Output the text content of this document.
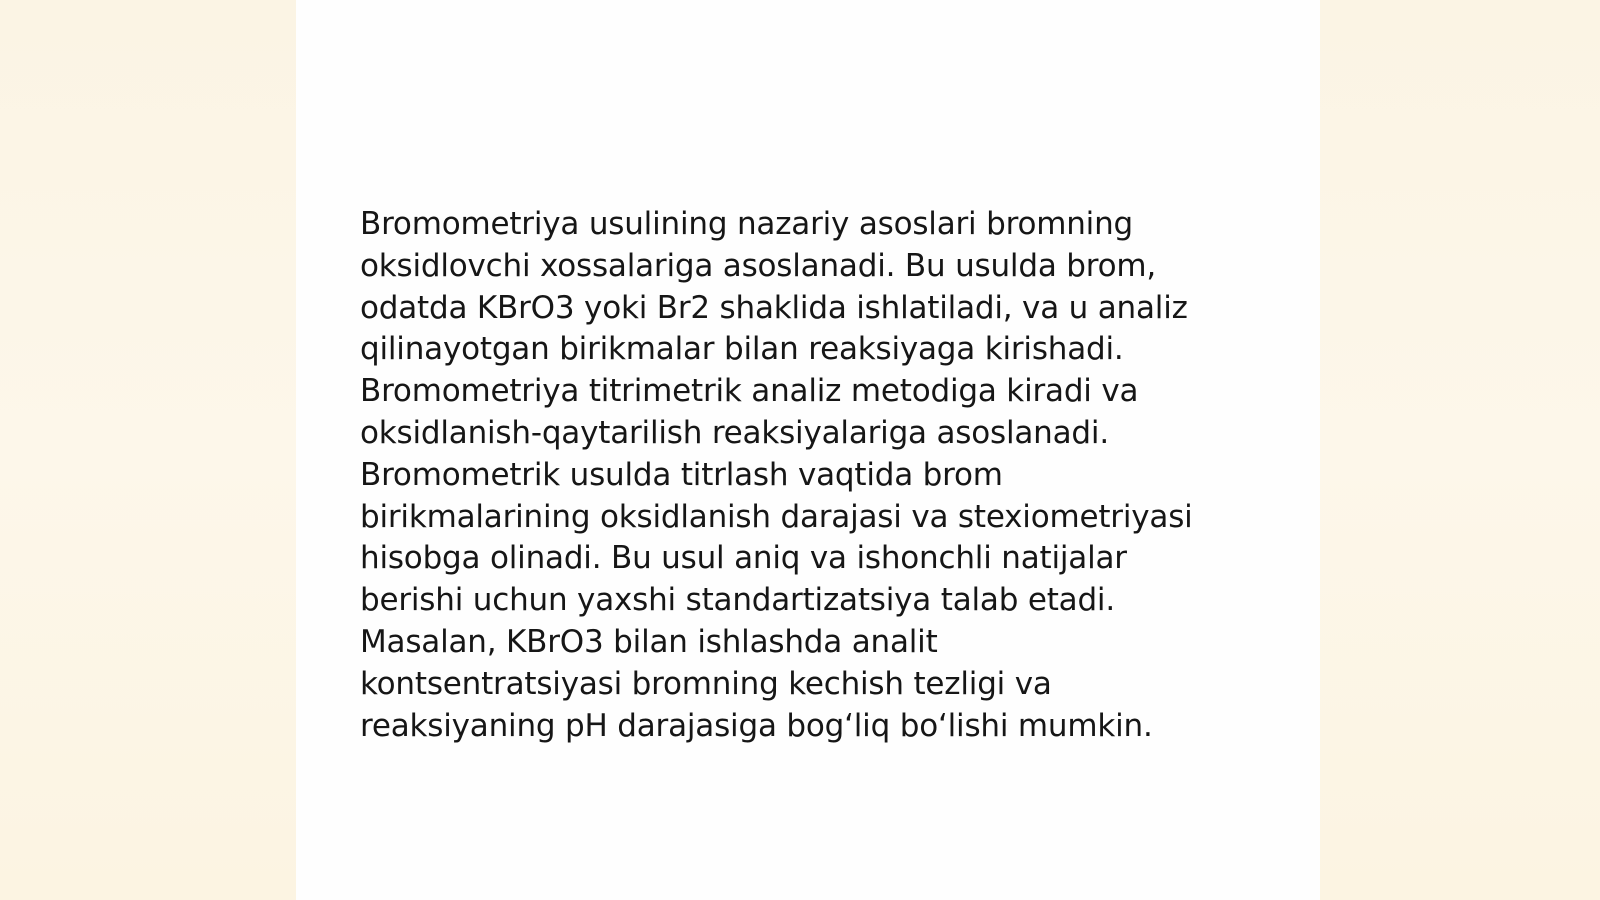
Bromometriya usulining nazariy asoslari bromning
oksidlovchi xossalariga asoslanadi. Bu usulda brom,
odatda KBrO3 yoki Br2 shaklida ishlatiladi, va u analiz
qilinayotgan birikmalar bilan reaksiyaga kirishadi.
Bromometriya titrimetrik analiz metodiga kiradi va
oksidlanish-qaytarilish reaksiyalariga asoslanadi.
Bromometrik usulda titrlash vaqtida brom
birikmalarining oksidlanish darajasi va stexiometriyasi
hisobga olinadi. Bu usul aniq va ishonchli natijalar
berishi uchun yaxshi standartizatsiya talab etadi.
Masalan, KBrO3 bilan ishlashda analit
kontsentratsiyasi bromning kechish tezligi va
reaksiyaning pH darajasiga bog‘liq bo‘lishi mumkin.
